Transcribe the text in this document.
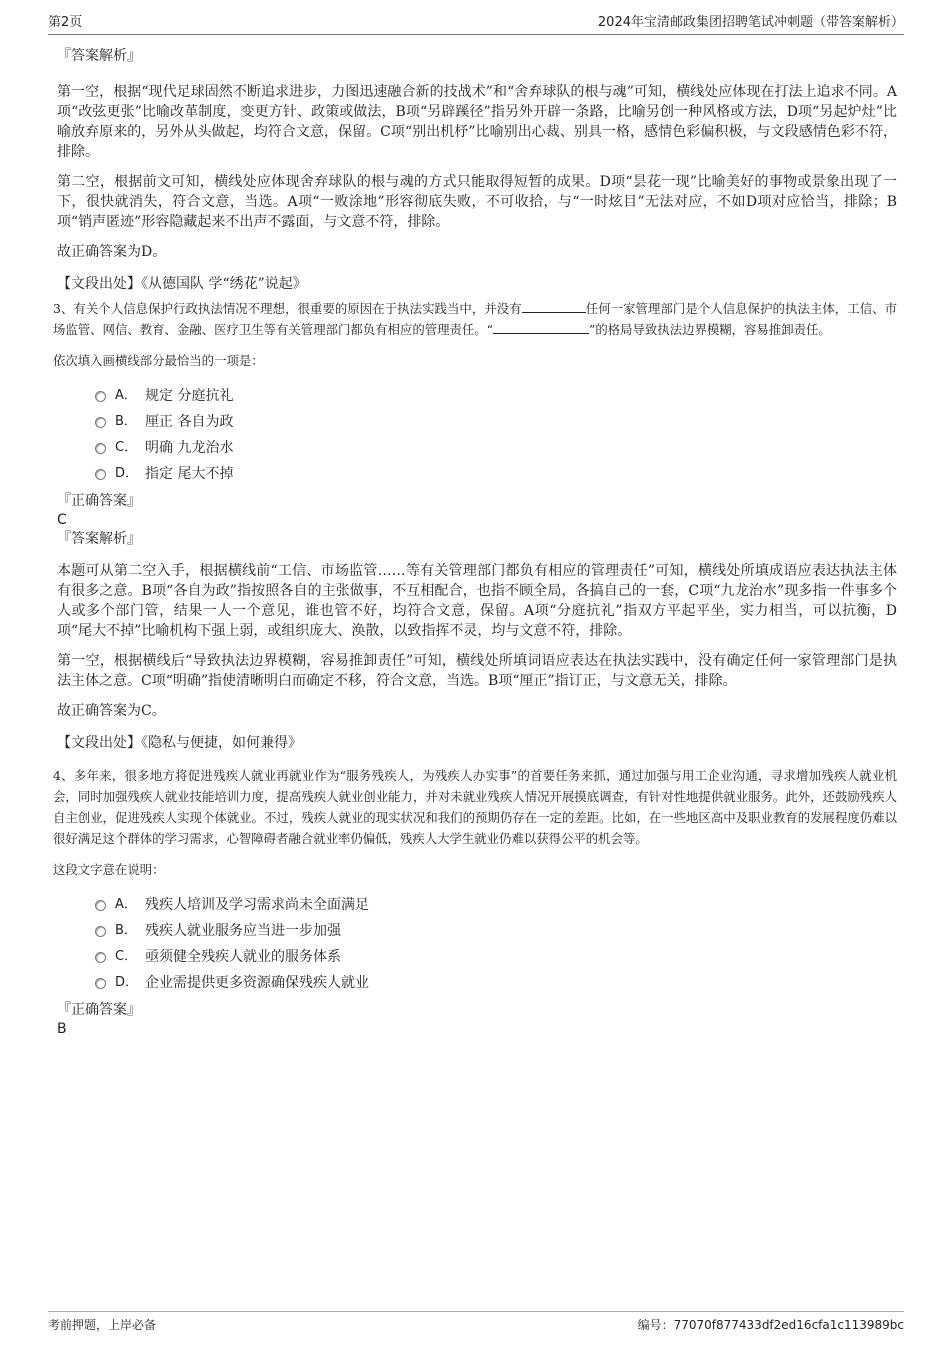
第2页	2024年宝清邮政集团招聘笔试冲刺题（带答案解析）

『答案解析』

第一空，根据“现代足球固然不断追求进步，力图迅速融合新的技战术”和“舍弃球队的根与魂”可知，横线处应体现在打法上追求不同。A项“改弦更张”比喻改革制度，变更方针、政策或做法，B项“另辟蹊径”指另外开辟一条路，比喻另创一种风格或方法，D项“另起炉灶”比喻放弃原来的，另外从头做起，均符合文意，保留。C项“别出机杼”比喻别出心裁、别具一格，感情色彩偏积极，与文段感情色彩不符，排除。

第二空，根据前文可知，横线处应体现舍弃球队的根与魂的方式只能取得短暂的成果。D项“昙花一现”比喻美好的事物或景象出现了一下，很快就消失，符合文意，当选。A项“一败涂地”形容彻底失败，不可收拾，与“一时炫目”无法对应，不如D项对应恰当，排除；B项“销声匿迹”形容隐藏起来不出声不露面，与文意不符，排除。

故正确答案为D。

【文段出处】《从德国队 学“绣花”说起》

3、有关个人信息保护行政执法情况不理想，很重要的原因在于执法实践当中，并没有	任何一家管理部门是个人信息保护的执法主体，工信、市场监管、网信、教育、金融、医疗卫生等有关管理部门都负有相应的管理责任。“	”的格局导致执法边界模糊，容易推卸责任。

依次填入画横线部分最恰当的一项是：

A． 规定 分庭抗礼
B． 厘正 各自为政
C． 明确 九龙治水
D． 指定 尾大不掉

『正确答案』

C

『答案解析』

本题可从第二空入手，根据横线前“工信、市场监管……等有关管理部门都负有相应的管理责任”可知，横线处所填成语应表达执法主体有很多之意。B项“各自为政”指按照各自的主张做事，不互相配合，也指不顾全局，各搞自己的一套，C项“九龙治水”现多指一件事多个人或多个部门管，结果一人一个意见，谁也管不好，均符合文意，保留。A项“分庭抗礼”指双方平起平坐，实力相当，可以抗衡，D项“尾大不掉”比喻机构下强上弱，或组织庞大、涣散，以致指挥不灵，均与文意不符，排除。

第一空，根据横线后“导致执法边界模糊，容易推卸责任”可知，横线处所填词语应表达在执法实践中，没有确定任何一家管理部门是执法主体之意。C项“明确”指使清晰明白而确定不移，符合文意，当选。B项“厘正”指订正，与文意无关，排除。

故正确答案为C。

【文段出处】《隐私与便捷，如何兼得》

4、多年来，很多地方将促进残疾人就业再就业作为“服务残疾人，为残疾人办实事”的首要任务来抓，通过加强与用工企业沟通，寻求增加残疾人就业机会，同时加强残疾人就业技能培训力度，提高残疾人就业创业能力，并对未就业残疾人情况开展摸底调查，有针对性地提供就业服务。此外，还鼓励残疾人自主创业，促进残疾人实现个体就业。不过，残疾人就业的现实状况和我们的预期仍存在一定的差距。比如，在一些地区高中及职业教育的发展程度仍难以很好满足这个群体的学习需求，心智障碍者融合就业率仍偏低，残疾人大学生就业仍难以获得公平的机会等。

这段文字意在说明：

A． 残疾人培训及学习需求尚未全面满足
B． 残疾人就业服务应当进一步加强
C． 亟须健全残疾人就业的服务体系
D． 企业需提供更多资源确保残疾人就业

『正确答案』

B

考前押题，上岸必备	编号：77070f877433df2ed16cfa1c113989bc
